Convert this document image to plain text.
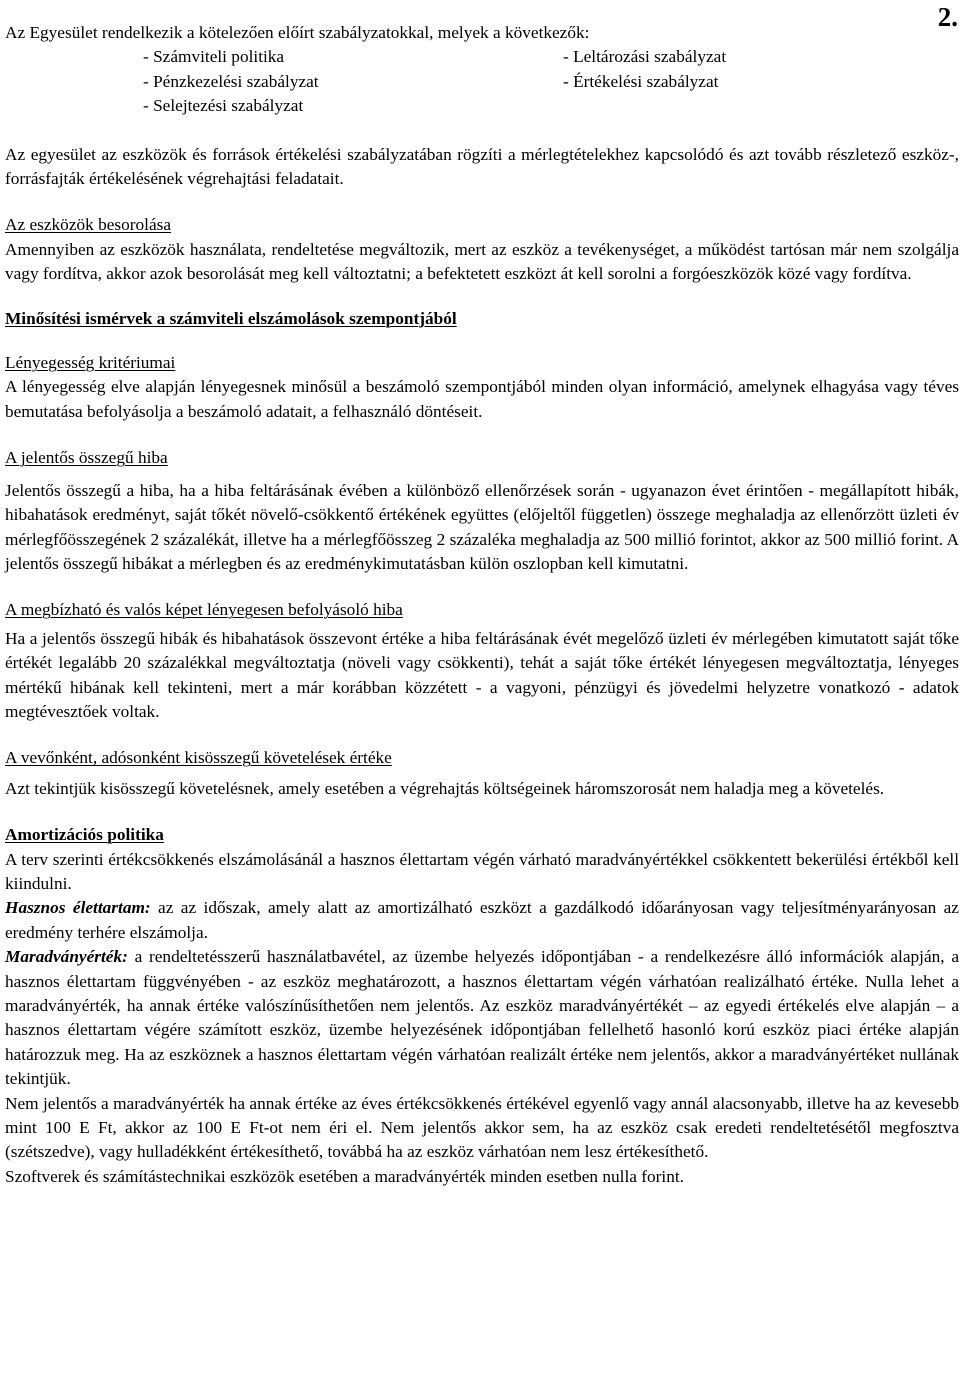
2.

Az Egyesület rendelkezik a kötelezően előírt szabályzatokkal, melyek a következők:

- Számviteli politika	- Leltározási szabályzat
- Pénzkezelési szabályzat	- Értékelési szabályzat
- Selejtezési szabályzat

Az egyesület az eszközök és források értékelési szabályzatában rögzíti a mérlegtételekhez kapcsolódó és azt tovább részletező eszköz-, forrásfajták értékelésének végrehajtási feladatait.

Az eszközök besorolása

Amennyiben az eszközök használata, rendeltetése megváltozik, mert az eszköz a tevékenységet, a működést tartósan már nem szolgálja vagy fordítva, akkor azok besorolását meg kell változtatni; a befektetett eszközt át kell sorolni a forgóeszközök közé vagy fordítva.

Minősítési ismérvek a számviteli elszámolások szempontjából

Lényegesség kritériumai

A lényegesség elve alapján lényegesnek minősül a beszámoló szempontjából minden olyan információ, amelynek elhagyása vagy téves bemutatása befolyásolja a beszámoló adatait, a felhasználó döntéseit.

A jelentős összegű hiba

Jelentős összegű a hiba, ha a hiba feltárásának évében a különböző ellenőrzések során - ugyanazon évet érintően - megállapított hibák, hibahatások eredményt, saját tőkét növelő-csökkentő értékének együttes (előjeltől független) összege meghaladja az ellenőrzött üzleti év mérlegfőösszegének 2 százalékát, illetve ha a mérlegfőösszeg 2 százaléka meghaladja az 500 millió forintot, akkor az 500 millió forint. A jelentős összegű hibákat a mérlegben és az eredménykimutatásban külön oszlopban kell kimutatni.

A megbízható és valós képet lényegesen befolyásoló hiba

Ha a jelentős összegű hibák és hibahatások összevont értéke a hiba feltárásának évét megelőző üzleti év mérlegében kimutatott saját tőke értékét legalább 20 százalékkal megváltoztatja (növeli vagy csökkenti), tehát a saját tőke értékét lényegesen megváltoztatja, lényeges mértékű hibának kell tekinteni, mert a már korábban közzétett - a vagyoni, pénzügyi és jövedelmi helyzetre vonatkozó - adatok megtévesztőek voltak.

A vevőnként, adósonként kisösszegű követelések értéke

Azt tekintjük kisösszegű követelésnek, amely esetében a végrehajtás költségeinek háromszorosát nem haladja meg a követelés.

Amortizációs politika

A terv szerinti értékcsökkenés elszámolásánál a hasznos élettartam végén várható maradványértékkel csökkentett bekerülési értékből kell kiindulni.

Hasznos élettartam: az az időszak, amely alatt az amortizálható eszközt a gazdálkodó időarányosan vagy teljesítményarányosan az eredmény terhére elszámolja.

Maradványérték: a rendeltetésszerű használatbavétel, az üzembe helyezés időpontjában - a rendelkezésre álló információk alapján, a hasznos élettartam függvényében - az eszköz meghatározott, a hasznos élettartam végén várhatóan realizálható értéke. Nulla lehet a maradványérték, ha annak értéke valószínűsíthetően nem jelentős. Az eszköz maradványértékét – az egyedi értékelés elve alapján – a hasznos élettartam végére számított eszköz, üzembe helyezésének időpontjában fellelhető hasonló korú eszköz piaci értéke alapján határozzuk meg. Ha az eszköznek a hasznos élettartam végén várhatóan realizált értéke nem jelentős, akkor a maradványértéket nullának tekintjük.

Nem jelentős a maradványérték ha annak értéke az éves értékcsökkenés értékével egyenlő vagy annál alacsonyabb, illetve ha az kevesebb mint 100 E Ft, akkor az 100 E Ft-ot nem éri el. Nem jelentős akkor sem, ha az eszköz csak eredeti rendeltetésétől megfosztva (szétszedve), vagy hulladékként értékesíthető, továbbá ha az eszköz várhatóan nem lesz értékesíthető.

Szoftverek és számítástechnikai eszközök esetében a maradványérték minden esetben nulla forint.
